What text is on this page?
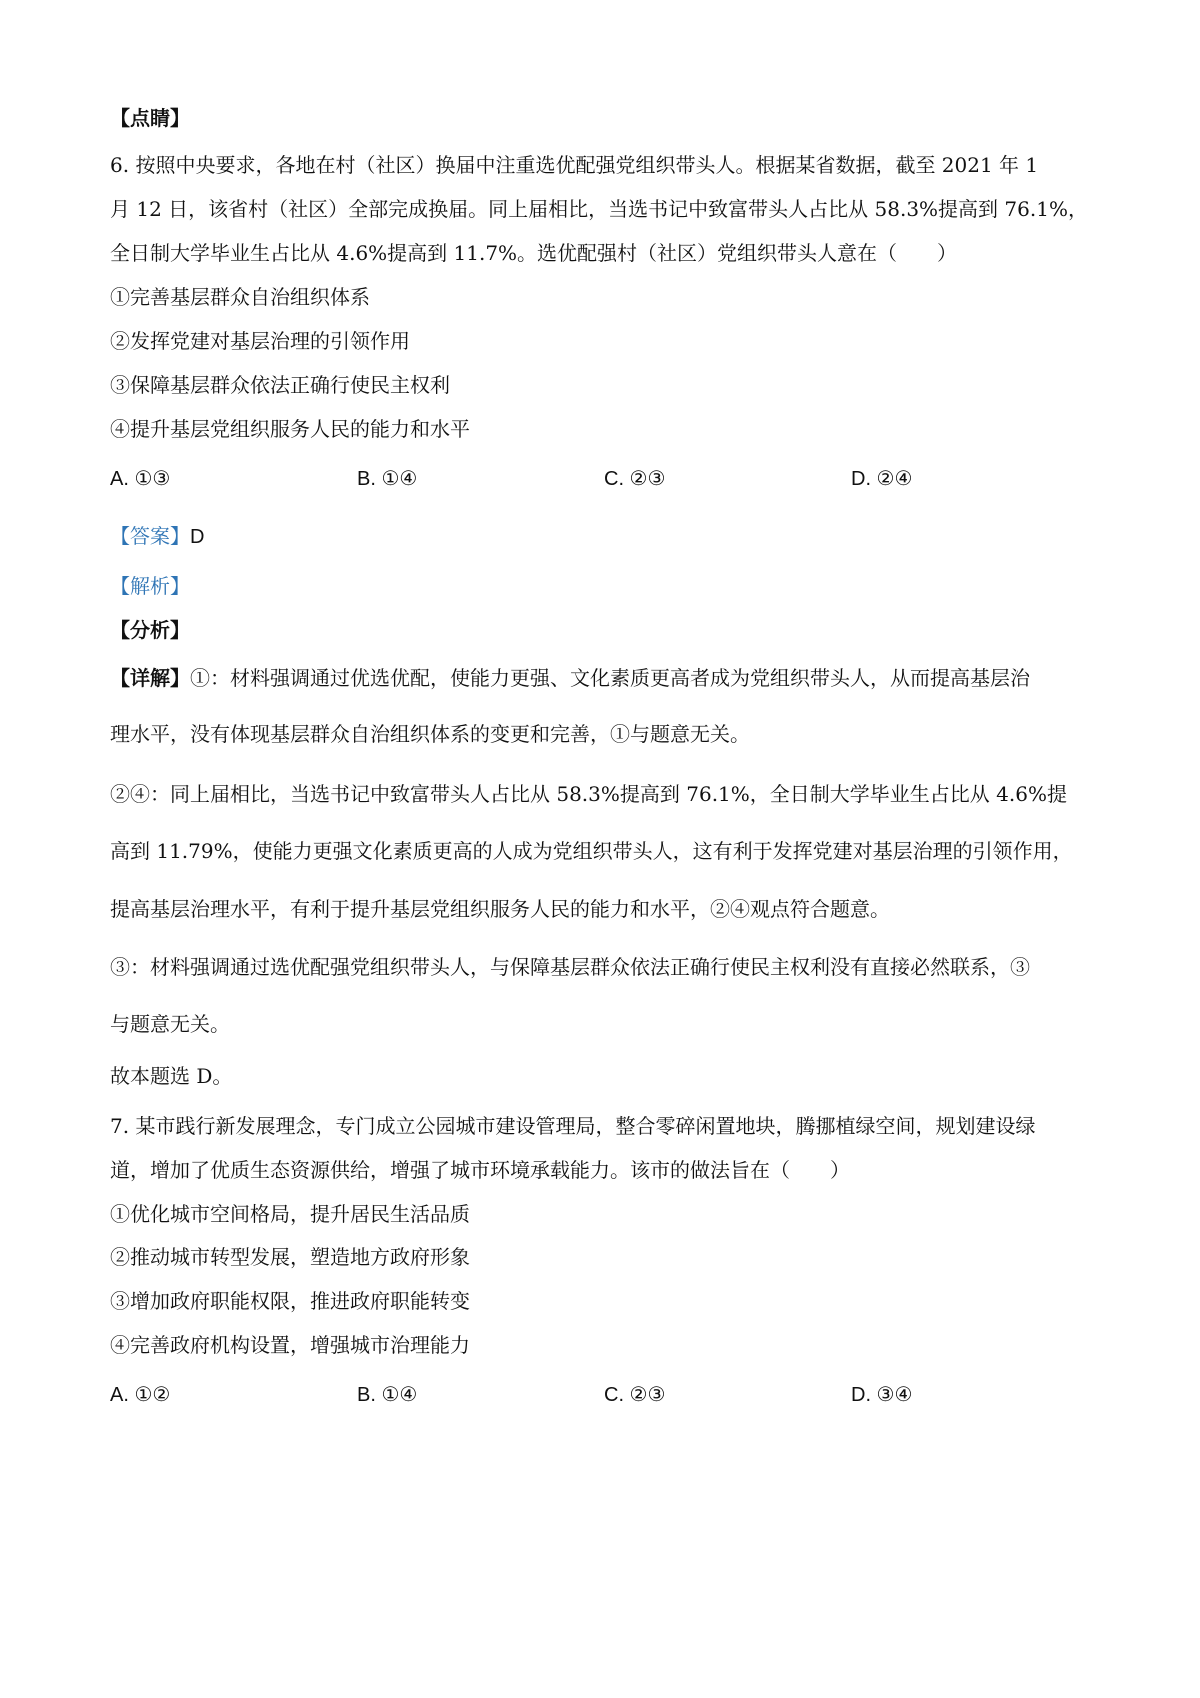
【点睛】
6. 按照中央要求，各地在村（社区）换届中注重选优配强党组织带头人。根据某省数据，截至 2021 年 1
月 12 日，该省村（社区）全部完成换届。同上届相比，当选书记中致富带头人占比从 58.3%提高到 76.1%，
全日制大学毕业生占比从 4.6%提高到 11.7%。选优配强村（社区）党组织带头人意在（　　）
①完善基层群众自治组织体系
②发挥党建对基层治理的引领作用
③保障基层群众依法正确行使民主权利
④提升基层党组织服务人民的能力和水平
A. ①③	B. ①④	C. ②③	D. ②④
【答案】D
【解析】
【分析】
【详解】①：材料强调通过优选优配，使能力更强、文化素质更高者成为党组织带头人，从而提高基层治
理水平，没有体现基层群众自治组织体系的变更和完善，①与题意无关。
②④：同上届相比，当选书记中致富带头人占比从 58.3%提高到 76.1%，全日制大学毕业生占比从 4.6%提
高到 11.79%，使能力更强文化素质更高的人成为党组织带头人，这有利于发挥党建对基层治理的引领作用，
提高基层治理水平，有利于提升基层党组织服务人民的能力和水平，②④观点符合题意。
③：材料强调通过选优配强党组织带头人，与保障基层群众依法正确行使民主权利没有直接必然联系，③
与题意无关。
故本题选 D。
7. 某市践行新发展理念，专门成立公园城市建设管理局，整合零碎闲置地块，腾挪植绿空间，规划建设绿
道，增加了优质生态资源供给，增强了城市环境承载能力。该市的做法旨在（　　）
①优化城市空间格局，提升居民生活品质
②推动城市转型发展，塑造地方政府形象
③增加政府职能权限，推进政府职能转变
④完善政府机构设置，增强城市治理能力
A. ①②	B. ①④	C. ②③	D. ③④
